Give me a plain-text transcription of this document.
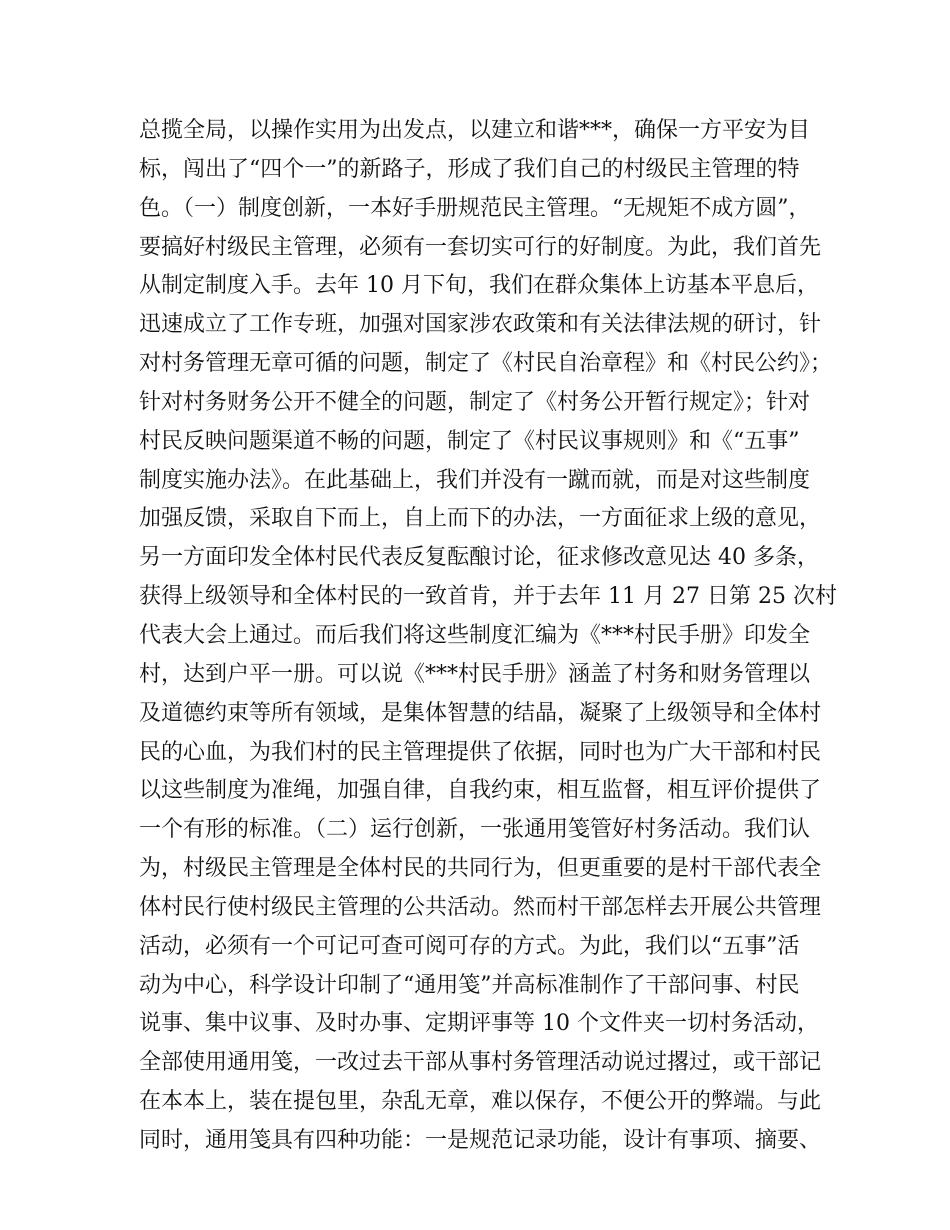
总揽全局，以操作实用为出发点，以建立和谐***，确保一方平安为目
标，闯出了“四个一”的新路子，形成了我们自己的村级民主管理的特
色。（一）制度创新，一本好手册规范民主管理。“无规矩不成方圆”，
要搞好村级民主管理，必须有一套切实可行的好制度。为此，我们首先
从制定制度入手。去年 10 月下旬，我们在群众集体上访基本平息后，
迅速成立了工作专班，加强对国家涉农政策和有关法律法规的研讨，针
对村务管理无章可循的问题，制定了《村民自治章程》和《村民公约》；
针对村务财务公开不健全的问题，制定了《村务公开暂行规定》；针对
村民反映问题渠道不畅的问题，制定了《村民议事规则》和《“五事”
制度实施办法》。在此基础上，我们并没有一蹴而就，而是对这些制度
加强反馈，采取自下而上，自上而下的办法，一方面征求上级的意见，
另一方面印发全体村民代表反复酝酿讨论，征求修改意见达 40 多条，
获得上级领导和全体村民的一致首肯，并于去年 11 月 27 日第 25 次村
代表大会上通过。而后我们将这些制度汇编为《***村民手册》印发全
村，达到户平一册。可以说《***村民手册》涵盖了村务和财务管理以
及道德约束等所有领域，是集体智慧的结晶，凝聚了上级领导和全体村
民的心血，为我们村的民主管理提供了依据，同时也为广大干部和村民
以这些制度为准绳，加强自律，自我约束，相互监督，相互评价提供了
一个有形的标准。（二）运行创新，一张通用笺管好村务活动。我们认
为，村级民主管理是全体村民的共同行为，但更重要的是村干部代表全
体村民行使村级民主管理的公共活动。然而村干部怎样去开展公共管理
活动，必须有一个可记可查可阅可存的方式。为此，我们以“五事”活
动为中心，科学设计印制了“通用笺”并高标准制作了干部问事、村民
说事、集中议事、及时办事、定期评事等 10 个文件夹一切村务活动，
全部使用通用笺，一改过去干部从事村务管理活动说过撂过，或干部记
在本本上，装在提包里，杂乱无章，难以保存，不便公开的弊端。与此
同时，通用笺具有四种功能：一是规范记录功能，设计有事项、摘要、
